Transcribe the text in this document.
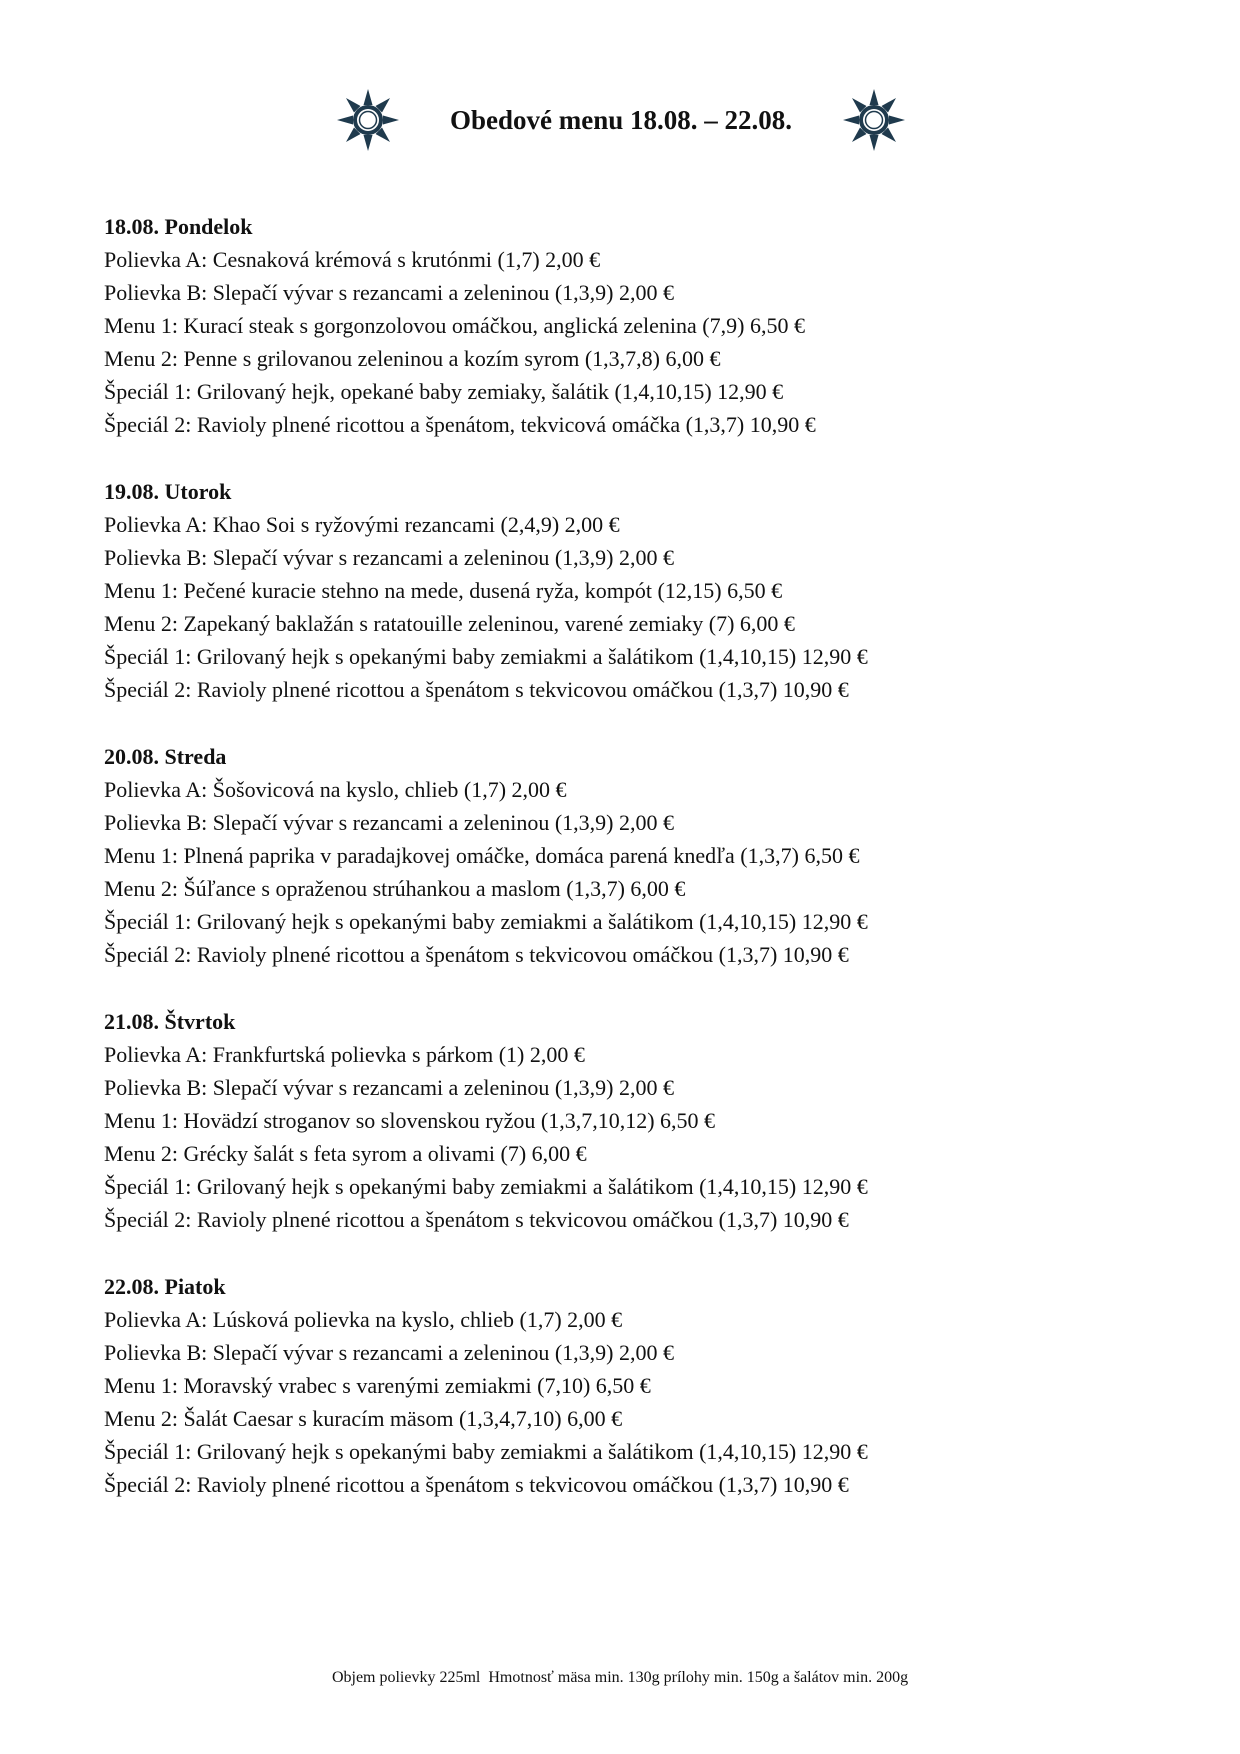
Obedové menu 18.08. – 22.08.
18.08. Pondelok
Polievka A: Cesnaková krémová s krutónmi (1,7) 2,00 €
Polievka B: Slepačí vývar s rezancami a zeleninou (1,3,9) 2,00 €
Menu 1: Kurací steak s gorgonzolovou omáčkou, anglická zelenina (7,9) 6,50 €
Menu 2: Penne s grilovanou zeleninou a kozím syrom (1,3,7,8) 6,00 €
Špeciál 1: Grilovaný hejk, opekané baby zemiaky, šalátik (1,4,10,15) 12,90 €
Špeciál 2: Ravioly plnené ricottou a špenátom, tekvicová omáčka (1,3,7) 10,90 €
19.08. Utorok
Polievka A: Khao Soi s ryžovými rezancami (2,4,9) 2,00 €
Polievka B: Slepačí vývar s rezancami a zeleninou (1,3,9) 2,00 €
Menu 1: Pečené kuracie stehno na mede, dusená ryža, kompót (12,15) 6,50 €
Menu 2: Zapekaný baklažán s ratatouille zeleninou, varené zemiaky (7) 6,00 €
Špeciál 1: Grilovaný hejk s opekanými baby zemiakmi a šalátikom (1,4,10,15) 12,90 €
Špeciál 2: Ravioly plnené ricottou a špenátom s tekvicovou omáčkou (1,3,7) 10,90 €
20.08. Streda
Polievka A: Šošovicová na kyslo, chlieb (1,7) 2,00 €
Polievka B: Slepačí vývar s rezancami a zeleninou (1,3,9) 2,00 €
Menu 1: Plnená paprika v paradajkovej omáčke, domáca parená knedľa (1,3,7) 6,50 €
Menu 2: Šúľance s opraženou strúhankou a maslom (1,3,7) 6,00 €
Špeciál 1: Grilovaný hejk s opekanými baby zemiakmi a šalátikom (1,4,10,15) 12,90 €
Špeciál 2: Ravioly plnené ricottou a špenátom s tekvicovou omáčkou (1,3,7) 10,90 €
21.08. Štvrtok
Polievka A: Frankfurtská polievka s párkom (1) 2,00 €
Polievka B: Slepačí vývar s rezancami a zeleninou (1,3,9) 2,00 €
Menu 1: Hovädzí stroganov so slovenskou ryžou (1,3,7,10,12) 6,50 €
Menu 2: Grécky šalát s feta syrom a olivami (7) 6,00 €
Špeciál 1: Grilovaný hejk s opekanými baby zemiakmi a šalátikom (1,4,10,15) 12,90 €
Špeciál 2: Ravioly plnené ricottou a špenátom s tekvicovou omáčkou (1,3,7) 10,90 €
22.08. Piatok
Polievka A: Lúsková polievka na kyslo, chlieb (1,7) 2,00 €
Polievka B: Slepačí vývar s rezancami a zeleninou (1,3,9) 2,00 €
Menu 1: Moravský vrabec s varenými zemiakmi (7,10) 6,50 €
Menu 2: Šalát Caesar s kuracím mäsom (1,3,4,7,10) 6,00 €
Špeciál 1: Grilovaný hejk s opekanými baby zemiakmi a šalátikom (1,4,10,15) 12,90 €
Špeciál 2: Ravioly plnené ricottou a špenátom s tekvicovou omáčkou (1,3,7) 10,90 €
Objem polievky 225ml  Hmotnosť mäsa min. 130g prílohy min. 150g a šalátov min. 200g
